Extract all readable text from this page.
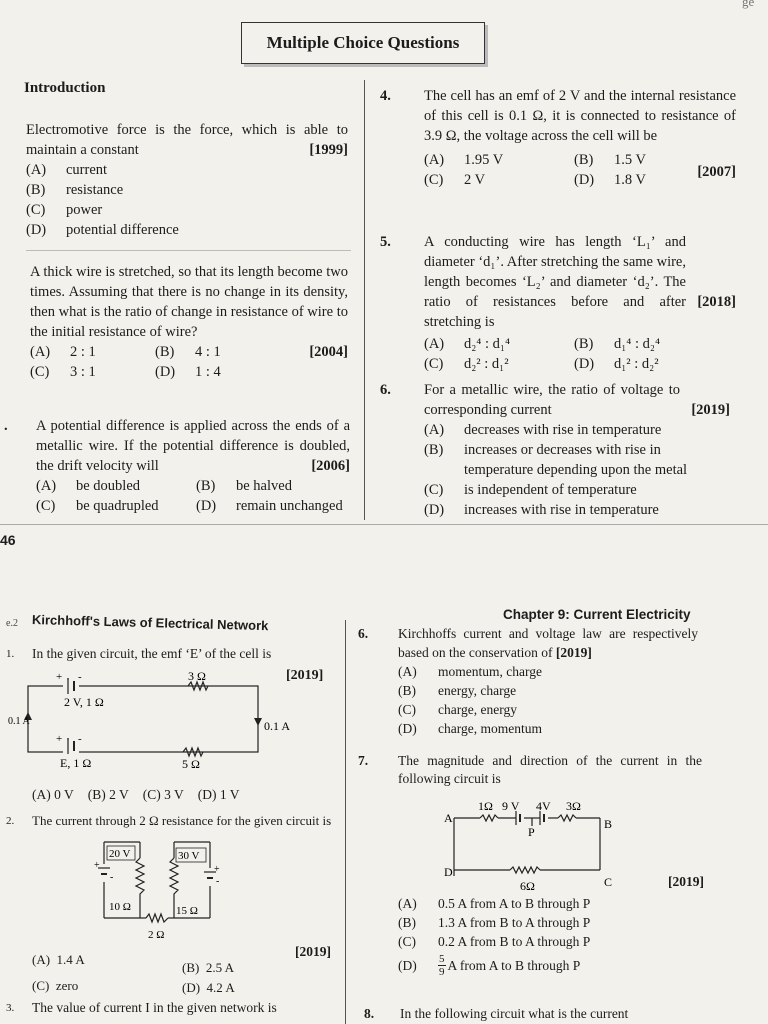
ge
Multiple Choice Questions
Introduction
Electromotive force is the force, which is able to maintain a constant	[1999]
(A)	current
(B)	resistance
(C)	power
(D)	potential difference
A thick wire is stretched, so that its length become two times. Assuming that there is no change in its density, then what is the ratio of change in resistance of wire to the initial resistance of wire?
[2004]
(A)	2 : 1	(B)	4 : 1
(C)	3 : 1	(D)	1 : 4
. A potential difference is applied across the ends of a metallic wire. If the potential difference is doubled, the drift velocity will	[2006]
(A)	be doubled	(B)	be halved
(C)	be quadrupled	(D)	remain unchanged
4. The cell has an emf of 2 V and the internal resistance of this cell is 0.1 Ω, it is connected to resistance of 3.9 Ω, the voltage across the cell will be
[2007]
(A)	1.95 V	(B)	1.5 V
(C)	2 V	(D)	1.8 V
5. A conducting wire has length ‘L₁’ and diameter ‘d₁’. After stretching the same wire, length becomes ‘L₂’ and diameter ‘d₂’. The ratio of resistances before and after stretching is
[2018]
(A)	d₂⁴ : d₁⁴	(B)	d₁⁴ : d₂⁴
(C)	d₂² : d₁²	(D)	d₁² : d₂²
6. For a metallic wire, the ratio of voltage to corresponding current	[2019]
(A)	decreases with rise in temperature
(B)	increases or decreases with rise in temperature depending upon the metal
(C)	is independent of temperature
(D)	increases with rise in temperature
46
e.2 Kirchhoff's Laws of Electrical Network	Chapter 9: Current Electricity
1. In the given circuit, the emf ‘E’ of the cell is
[2019]
+ -	3 Ω
2 V, 1 Ω
0.1 A	0.1 A
+ -
E, 1 Ω	5 Ω
(A) 0 V (B) 2 V (C) 3 V (D) 1 V
2. The current through 2 Ω resistance for the given circuit is
20 V	30 V
+
-
+
-
10 Ω	15 Ω
2 Ω
[2019]
(A) 1.4 A
(B) 2.5 A
(C) zero	(D) 4.2 A
3. The value of current I in the given network is
6. Kirchhoffs current and voltage law are respectively based on the conservation of [2019]
(A)	momentum, charge
(B)	energy, charge
(C)	charge, energy
(D)	charge, momentum
7. The magnitude and direction of the current in the following circuit is
1Ω 9 V 4V 3Ω
A	B
P
D
C
6Ω	[2019]
(A)	0.5 A from A to B through P
(B)	1.3 A from B to A through P
(C)	0.2 A from B to A through P
(D)	$\frac{5}{9}$ A from A to B through P
8. In the following circuit what is the current
